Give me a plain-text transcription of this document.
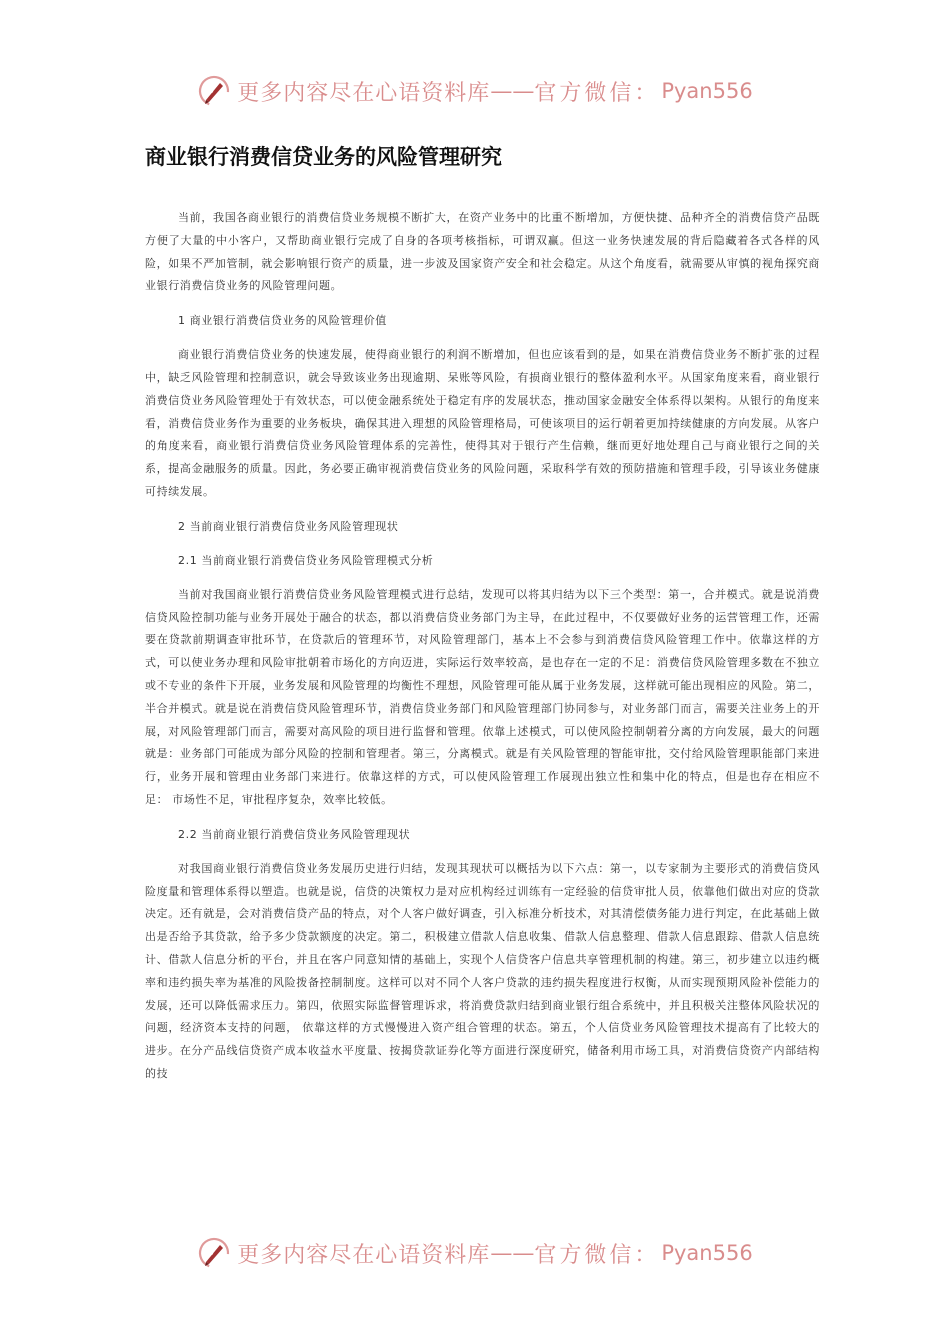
更多内容尽在心语资料库 —— 官方微信： Pyan556
商业银行消费信贷业务的风险管理研究

当前，我国各商业银行的消费信贷业务规模不断扩大，在资产业务中的比重不断增加，方便快捷、品种齐全的消费信贷产品既方便了大量的中小客户，又帮助商业银行完成了自身的各项考核指标，可谓双赢。但这一业务快速发展的背后隐藏着各式各样的风险，如果不严加管制，就会影响银行资产的质量，进一步波及国家资产安全和社会稳定。从这个角度看，就需要从审慎的视角探究商业银行消费信贷业务的风险管理问题。

1 商业银行消费信贷业务的风险管理价值

商业银行消费信贷业务的快速发展，使得商业银行的利润不断增加，但也应该看到的是，如果在消费信贷业务不断扩张的过程中，缺乏风险管理和控制意识，就会导致该业务出现逾期、呆账等风险，有损商业银行的整体盈利水平。从国家角度来看，商业银行消费信贷业务风险管理处于有效状态，可以使金融系统处于稳定有序的发展状态，推动国家金融安全体系得以架构。从银行的角度来看，消费信贷业务作为重要的业务板块，确保其进入理想的风险管理格局，可使该项目的运行朝着更加持续健康的方向发展。从客户的角度来看，商业银行消费信贷业务风险管理体系的完善性，使得其对于银行产生信赖，继而更好地处理自己与商业银行之间的关系，提高金融服务的质量。因此，务必要正确审视消费信贷业务的风险问题，采取科学有效的预防措施和管理手段，引导该业务健康可持续发展。

2 当前商业银行消费信贷业务风险管理现状
2.1 当前商业银行消费信贷业务风险管理模式分析

当前对我国商业银行消费信贷业务风险管理模式进行总结，发现可以将其归结为以下三个类型：第一，合并模式。就是说消费信贷风险控制功能与业务开展处于融合的状态，都以消费信贷业务部门为主导，在此过程中，不仅要做好业务的运营管理工作，还需要在贷款前期调查审批环节，在贷款后的管理环节，对风险管理部门，基本上不会参与到消费信贷风险管理工作中。依靠这样的方式，可以使业务办理和风险审批朝着市场化的方向迈进，实际运行效率较高，是也存在一定的不足：消费信贷风险管理多数在不独立或不专业的条件下开展，业务发展和风险管理的均衡性不理想，风险管理可能从属于业务发展，这样就可能出现相应的风险。第二，半合并模式。就是说在消费信贷风险管理环节，消费信贷业务部门和风险管理部门协同参与，对业务部门而言，需要关注业务上的开展，对风险管理部门而言，需要对高风险的项目进行监督和管理。依靠上述模式，可以使风险控制朝着分离的方向发展，最大的问题就是：业务部门可能成为部分风险的控制和管理者。第三，分离模式。就是有关风险管理的智能审批，交付给风险管理职能部门来进行，业务开展和管理由业务部门来进行。依靠这样的方式，可以使风险管理工作展现出独立性和集中化的特点，但是也存在相应不足： 市场性不足，审批程序复杂，效率比较低。

2.2 当前商业银行消费信贷业务风险管理现状

对我国商业银行消费信贷业务发展历史进行归结，发现其现状可以概括为以下六点：第一，以专家制为主要形式的消费信贷风险度量和管理体系得以塑造。也就是说，信贷的决策权力是对应机构经过训练有一定经验的信贷审批人员，依靠他们做出对应的贷款决定。还有就是，会对消费信贷产品的特点，对个人客户做好调查，引入标准分析技术，对其清偿债务能力进行判定，在此基础上做出是否给予其贷款，给予多少贷款额度的决定。第二，积极建立借款人信息收集、借款人信息整理、借款人信息跟踪、借款人信息统计、借款人信息分析的平台，并且在客户同意知情的基础上，实现个人信贷客户信息共享管理机制的构建。第三，初步建立以违约概率和违约损失率为基准的风险拨备控制制度。这样可以对不同个人客户贷款的违约损失程度进行权衡，从而实现预期风险补偿能力的发展，还可以降低需求压力。第四，依照实际监督管理诉求，将消费贷款归结到商业银行组合系统中，并且积极关注整体风险状况的问题，经济资本支持的问题， 依靠这样的方式慢慢进入资产组合管理的状态。第五，个人信贷业务风险管理技术提高有了比较大的进步。在分产品线信贷资产成本收益水平度量、按揭贷款证券化等方面进行深度研究，储备利用市场工具，对消费信贷资产内部结构的技

更多内容尽在心语资料库 —— 官方微信： Pyan556
